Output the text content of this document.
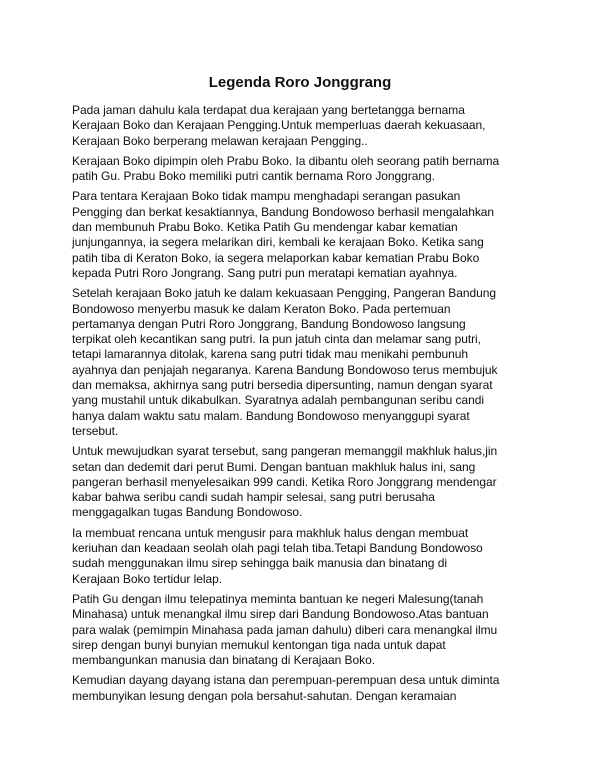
Legenda Roro Jonggrang

Pada jaman dahulu kala terdapat dua kerajaan yang bertetangga bernama
Kerajaan Boko dan Kerajaan Pengging.Untuk memperluas daerah kekuasaan,
Kerajaan Boko berperang melawan kerajaan Pengging..

Kerajaan Boko dipimpin oleh Prabu Boko. Ia dibantu oleh seorang patih bernama
patih Gu. Prabu Boko memiliki putri cantik bernama Roro Jonggrang.

Para tentara Kerajaan Boko tidak mampu menghadapi serangan pasukan
Pengging dan berkat kesaktiannya, Bandung Bondowoso berhasil mengalahkan
dan membunuh Prabu Boko. Ketika Patih Gu mendengar kabar kematian
junjungannya, ia segera melarikan diri, kembali ke kerajaan Boko. Ketika sang
patih tiba di Keraton Boko, ia segera melaporkan kabar kematian Prabu Boko
kepada Putri Roro Jongrang. Sang putri pun meratapi kematian ayahnya.

Setelah kerajaan Boko jatuh ke dalam kekuasaan Pengging, Pangeran Bandung
Bondowoso menyerbu masuk ke dalam Keraton Boko. Pada pertemuan
pertamanya dengan Putri Roro Jonggrang, Bandung Bondowoso langsung
terpikat oleh kecantikan sang putri. Ia pun jatuh cinta dan melamar sang putri,
tetapi lamarannya ditolak, karena sang putri tidak mau menikahi pembunuh
ayahnya dan penjajah negaranya. Karena Bandung Bondowoso terus membujuk
dan memaksa, akhirnya sang putri bersedia dipersunting, namun dengan syarat
yang mustahil untuk dikabulkan. Syaratnya adalah pembangunan seribu candi
hanya dalam waktu satu malam. Bandung Bondowoso menyanggupi syarat
tersebut.

Untuk mewujudkan syarat tersebut, sang pangeran memanggil makhluk halus,jin
setan dan dedemit dari perut Bumi. Dengan bantuan makhluk halus ini, sang
pangeran berhasil menyelesaikan 999 candi. Ketika Roro Jonggrang mendengar
kabar bahwa seribu candi sudah hampir selesai, sang putri berusaha
menggagalkan tugas Bandung Bondowoso.

Ia membuat rencana untuk mengusir para makhluk halus dengan membuat
keriuhan dan keadaan seolah olah pagi telah tiba.Tetapi Bandung Bondowoso
sudah menggunakan ilmu sirep sehingga baik manusia dan binatang di
Kerajaan Boko tertidur lelap.

Patih Gu dengan ilmu telepatinya meminta bantuan ke negeri Malesung(tanah
Minahasa) untuk menangkal ilmu sirep dari Bandung Bondowoso.Atas bantuan
para walak (pemimpin Minahasa pada jaman dahulu) diberi cara menangkal ilmu
sirep dengan bunyi bunyian memukul kentongan tiga nada untuk dapat
membangunkan manusia dan binatang di Kerajaan Boko.

Kemudian dayang dayang istana dan perempuan-perempuan desa untuk diminta
membunyikan lesung dengan pola bersahut-sahutan. Dengan keramaian
